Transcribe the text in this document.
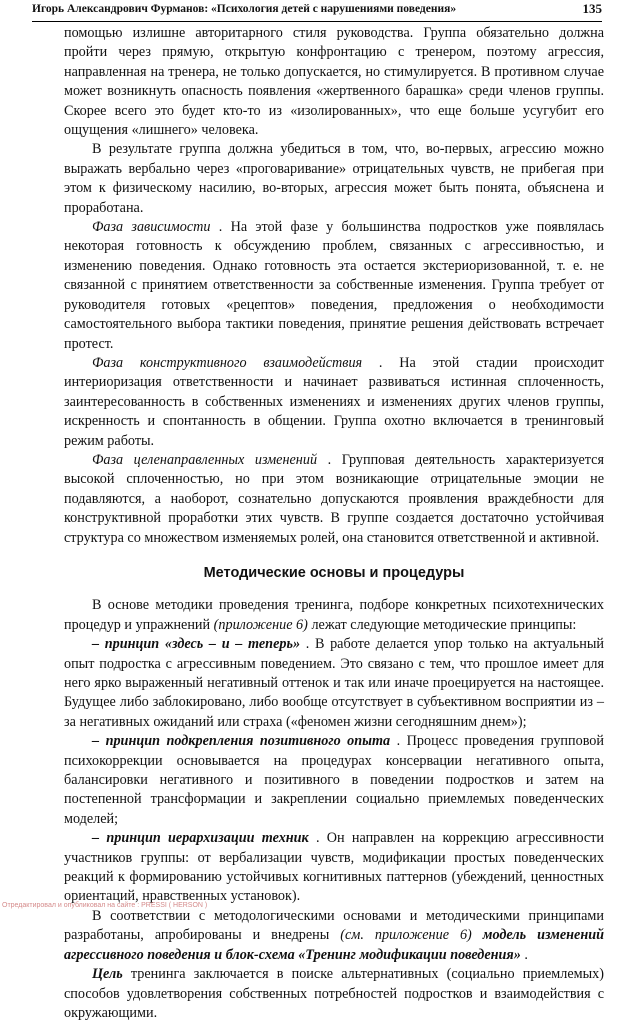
Игорь Александрович Фурманов: «Психология детей с нарушениями поведения»	135

помощью излишне авторитарного стиля руководства. Группа обязательно должна пройти через прямую, открытую конфронтацию с тренером, поэтому агрессия, направленная на тренера, не только допускается, но стимулируется. В противном случае может возникнуть опасность появления «жертвенного барашка» среди членов группы. Скорее всего это будет кто-то из «изолированных», что еще больше усугубит его ощущения «лишнего» человека.

В результате группа должна убедиться в том, что, во-первых, агрессию можно выражать вербально через «проговаривание» отрицательных чувств, не прибегая при этом к физическому насилию, во-вторых, агрессия может быть понята, объяснена и проработана.

Фаза зависимости . На этой фазе у большинства подростков уже появлялась некоторая готовность к обсуждению проблем, связанных с агрессивностью, и изменению поведения. Однако готовность эта остается экстериоризованной, т. е. не связанной с принятием ответственности за собственные изменения. Группа требует от руководителя готовых «рецептов» поведения, предложения о необходимости самостоятельного выбора тактики поведения, принятие решения действовать встречает протест.

Фаза конструктивного взаимодействия . На этой стадии происходит интериоризация ответственности и начинает развиваться истинная сплоченность, заинтересованность в собственных изменениях и изменениях других членов группы, искренность и спонтанность в общении. Группа охотно включается в тренинговый режим работы.

Фаза целенаправленных изменений . Групповая деятельность характеризуется высокой сплоченностью, но при этом возникающие отрицательные эмоции не подавляются, а наоборот, сознательно допускаются проявления враждебности для конструктивной проработки этих чувств. В группе создается достаточно устойчивая структура со множеством изменяемых ролей, она становится ответственной и активной.

Методические основы и процедуры

В основе методики проведения тренинга, подборе конкретных психотехнических процедур и упражнений (приложение 6) лежат следующие методические принципы:

– принцип «здесь – и – теперь» . В работе делается упор только на актуальный опыт подростка с агрессивным поведением. Это связано с тем, что прошлое имеет для него ярко выраженный негативный оттенок и так или иначе проецируется на настоящее. Будущее либо заблокировано, либо вообще отсутствует в субъективном восприятии из – за негативных ожиданий или страха («феномен жизни сегодняшним днем»);

– принцип подкрепления позитивного опыта . Процесс проведения групповой психокоррекции основывается на процедурах консервации негативного опыта, балансировки негативного и позитивного в поведении подростков и затем на постепенной трансформации и закреплении социально приемлемых поведенческих моделей;

– принцип иерархизации техник . Он направлен на коррекцию агрессивности участников группы: от вербализации чувств, модификации простых поведенческих реакций к формированию устойчивых когнитивных паттернов (убеждений, ценностных ориентаций, нравственных установок).

В соответствии с методологическими основами и методическими принципами разработаны, апробированы и внедрены (см. приложение 6) модель изменений агрессивного поведения и блок-схема «Тренинг модификации поведения» .

Цель тренинга заключается в поиске альтернативных (социально приемлемых) способов удовлетворения собственных потребностей подростков и взаимодействия с окружающими.

Отредактировал и опубликовал на сайте : PRESSI ( HERSON )
